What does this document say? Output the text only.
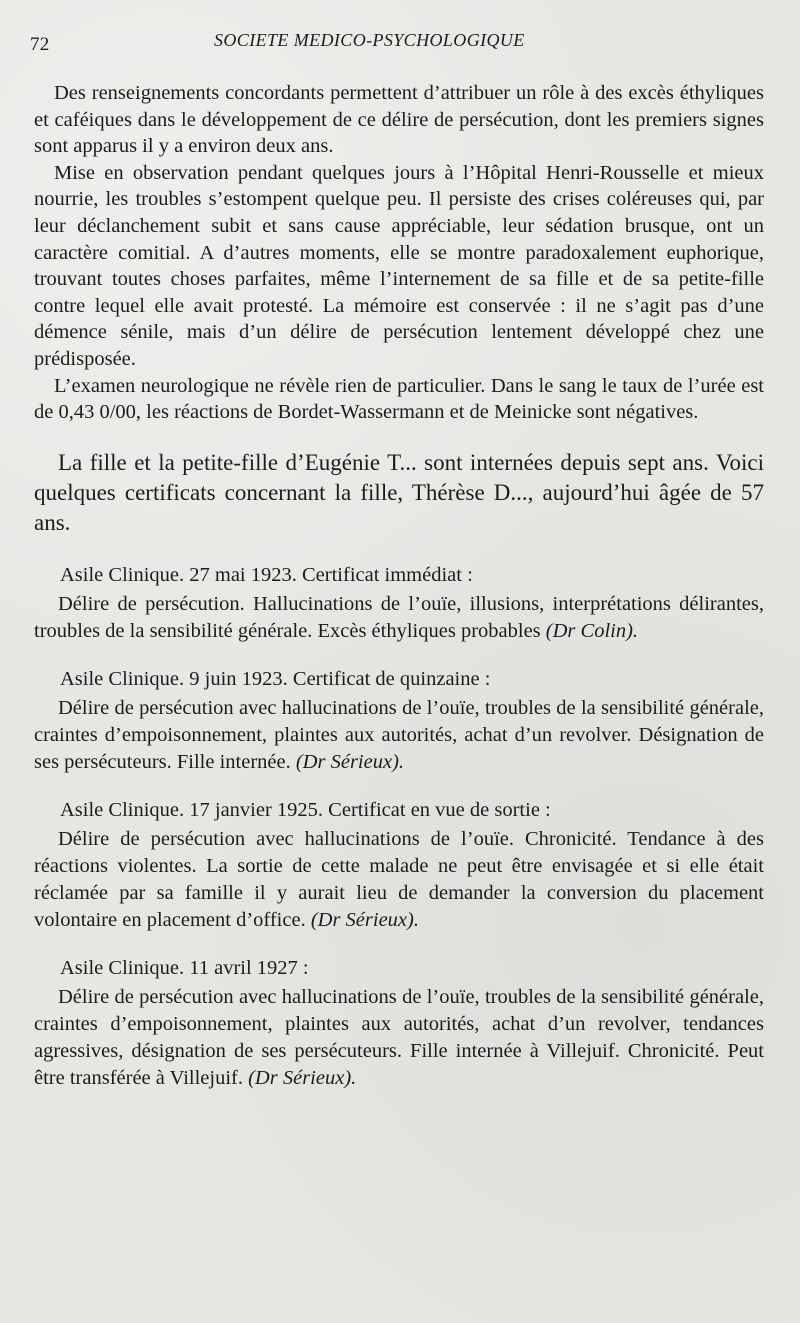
72	SOCIETE MEDICO-PSYCHOLOGIQUE

Des renseignements concordants permettent d’attribuer un rôle à des excès éthyliques et caféiques dans le développement de ce délire de persécution, dont les premiers signes sont apparus il y a environ deux ans.

Mise en observation pendant quelques jours à l’Hôpital Henri-Rousselle et mieux nourrie, les troubles s’estompent quelque peu. Il persiste des crises coléreuses qui, par leur déclanchement subit et sans cause appréciable, leur sédation brusque, ont un caractère comitial. A d’autres moments, elle se montre paradoxalement euphorique, trouvant toutes choses parfaites, même l’internement de sa fille et de sa petite-fille contre lequel elle avait protesté. La mémoire est conservée : il ne s’agit pas d’une démence sénile, mais d’un délire de persécution lentement développé chez une prédisposée.

L’examen neurologique ne révèle rien de particulier. Dans le sang le taux de l’urée est de 0,43 0/00, les réactions de Bordet-Wassermann et de Meinicke sont négatives.

La fille et la petite-fille d’Eugénie T... sont internées depuis sept ans. Voici quelques certificats concernant la fille, Thérèse D..., aujourd’hui âgée de 57 ans.

Asile Clinique. 27 mai 1923. Certificat immédiat :

Délire de persécution. Hallucinations de l’ouïe, illusions, interprétations délirantes, troubles de la sensibilité générale. Excès éthyliques probables (Dr Colin).

Asile Clinique. 9 juin 1923. Certificat de quinzaine :

Délire de persécution avec hallucinations de l’ouïe, troubles de la sensibilité générale, craintes d’empoisonnement, plaintes aux autorités, achat d’un revolver. Désignation de ses persécuteurs. Fille internée. (Dr Sérieux).

Asile Clinique. 17 janvier 1925. Certificat en vue de sortie :

Délire de persécution avec hallucinations de l’ouïe. Chronicité. Tendance à des réactions violentes. La sortie de cette malade ne peut être envisagée et si elle était réclamée par sa famille il y aurait lieu de demander la conversion du placement volontaire en placement d’office. (Dr Sérieux).

Asile Clinique. 11 avril 1927 :

Délire de persécution avec hallucinations de l’ouïe, troubles de la sensibilité générale, craintes d’empoisonnement, plaintes aux autorités, achat d’un revolver, tendances agressives, désignation de ses persécuteurs. Fille internée à Villejuif. Chronicité. Peut être transférée à Villejuif. (Dr Sérieux).
